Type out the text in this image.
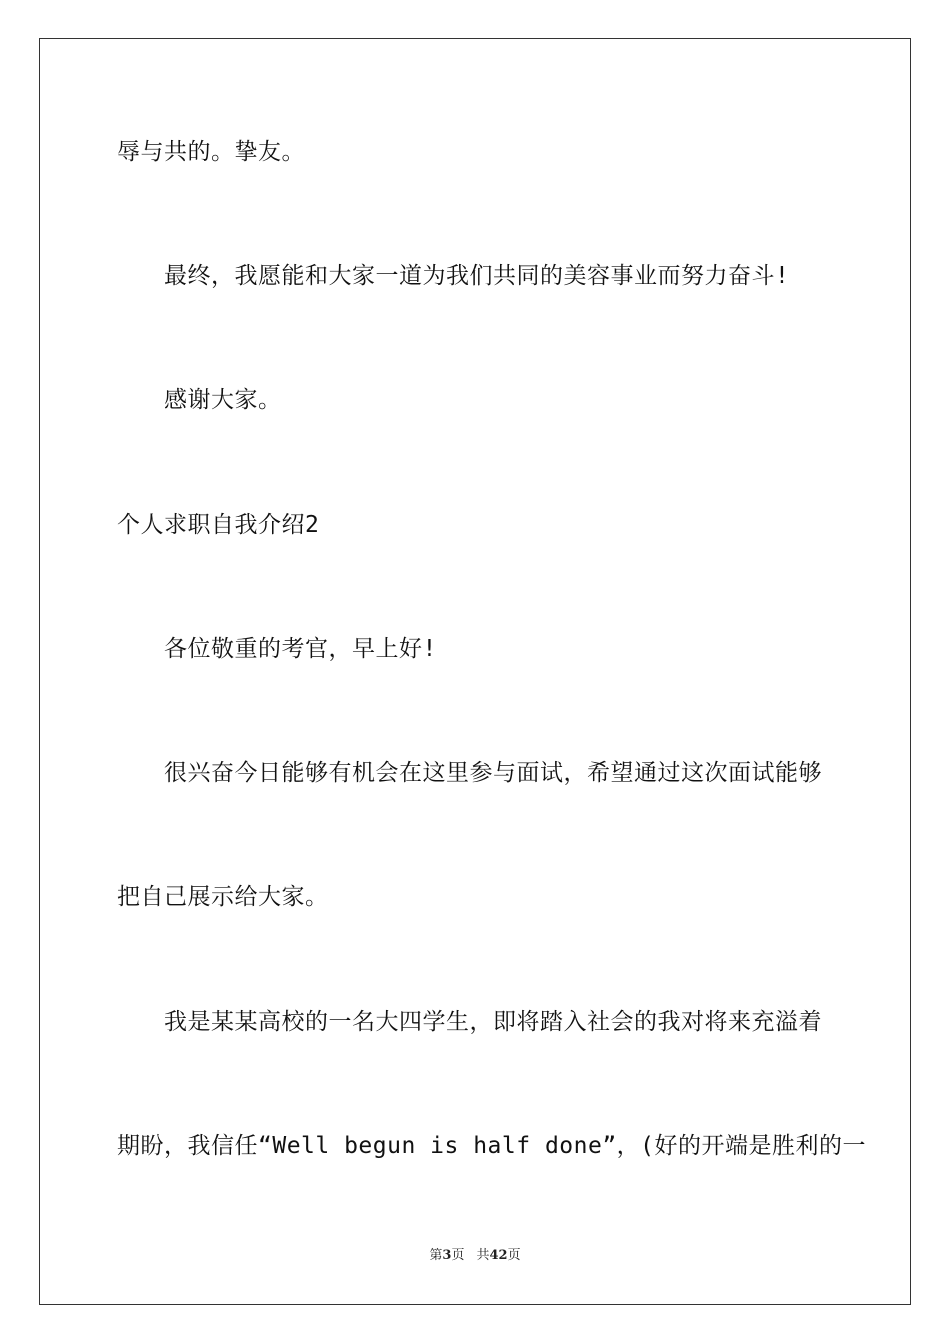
辱与共的。挚友。
最终，我愿能和大家一道为我们共同的美容事业而努力奋斗!
感谢大家。
个人求职自我介绍2
各位敬重的考官，早上好!
很兴奋今日能够有机会在这里参与面试，希望通过这次面试能够
把自己展示给大家。
我是某某高校的一名大四学生，即将踏入社会的我对将来充溢着
期盼，我信任“Well begun is half done”，(好的开端是胜利的一
第3页 共42页
